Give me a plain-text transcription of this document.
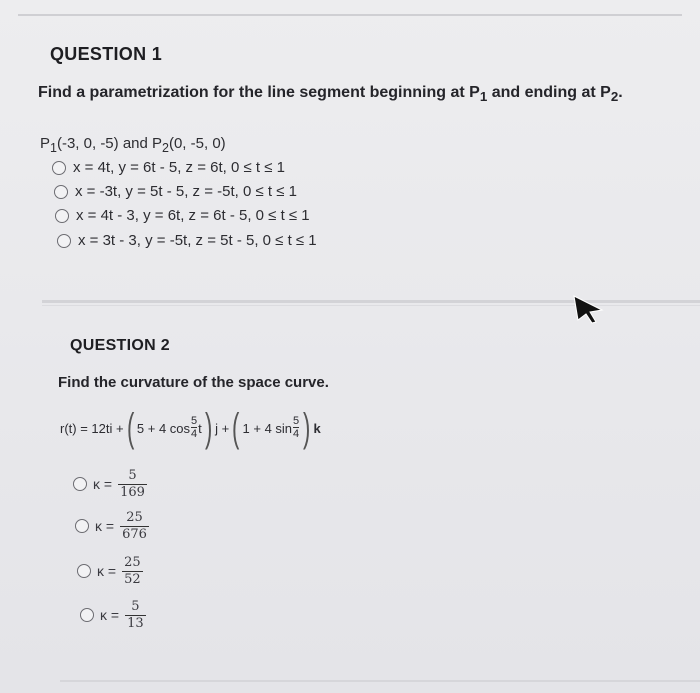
QUESTION 1
Find a parametrization for the line segment beginning at $P_1$ and ending at $P_2$.
$P_1(-3$, 0, -5) and $P_2(0$, -5, 0)
x = 4t, y = 6t - 5, z = 6t, 0 ≤ t ≤ 1
x = -3t, y = 5t - 5, z = -5t, 0 ≤ t ≤ 1
x = 4t - 3, y = 6t, z = 6t - 5, 0 ≤ t ≤ 1
x = 3t - 3, y = -5t, z = 5t - 5, 0 ≤ t ≤ 1
QUESTION 2
Find the curvature of the space curve.
r(t) = 12ti + ( 5 + 4 $\cos \frac{5}{4}$ t ) j + ( 1 + 4 $\sin \frac{5}{4}$ ) k
$\kappa = \frac{5}{169}$
$\kappa = \frac{25}{676}$
$\kappa = \frac{25}{52}$
$\kappa = \frac{5}{13}$
